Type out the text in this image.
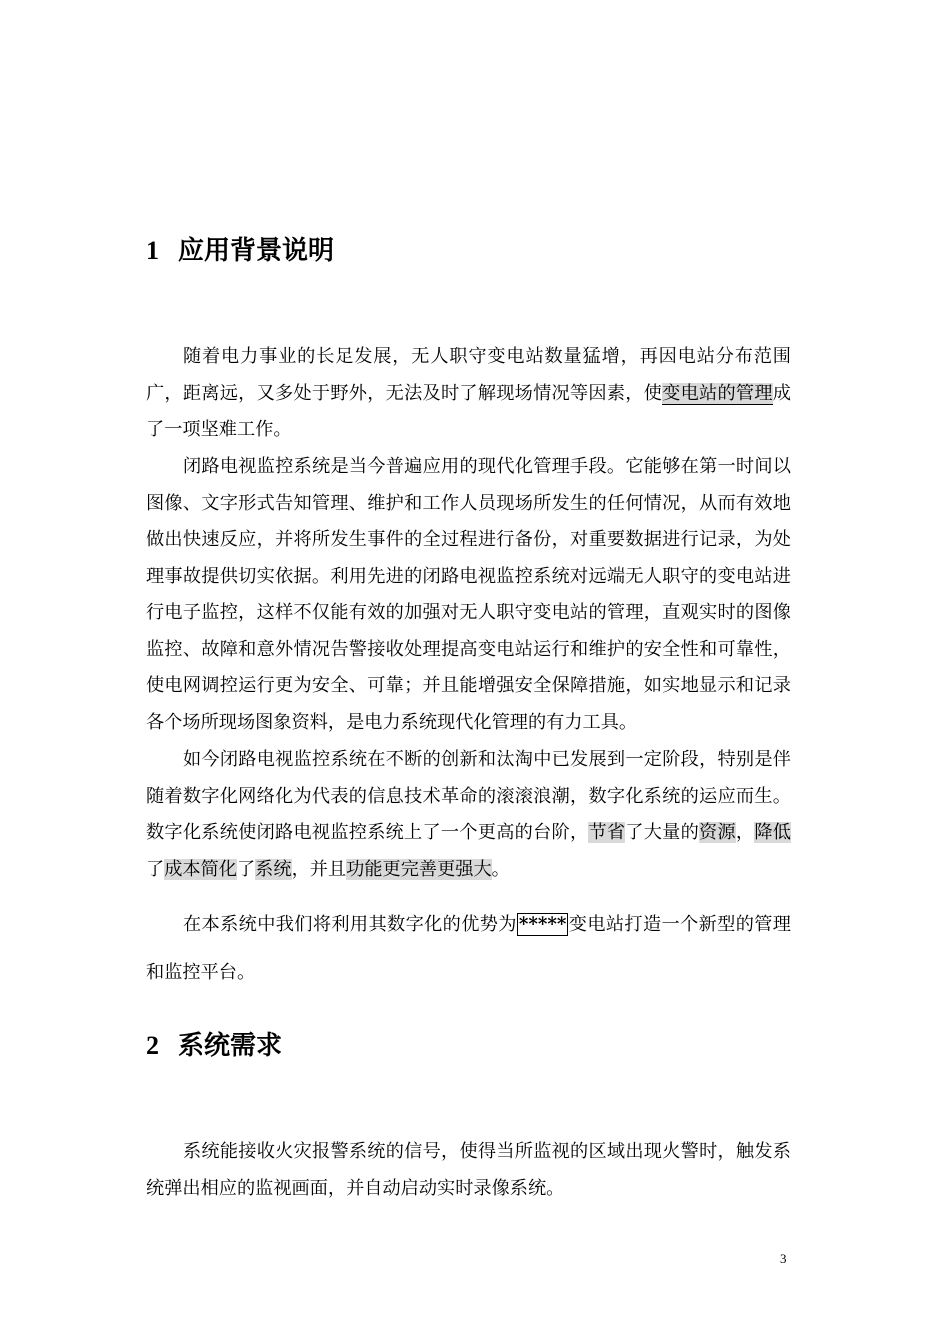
1 应用背景说明

随着电力事业的长足发展，无人职守变电站数量猛增，再因电站分布范围广，距离远，又多处于野外，无法及时了解现场情况等因素，使变电站的管理成了一项坚难工作。

闭路电视监控系统是当今普遍应用的现代化管理手段。它能够在第一时间以图像、文字形式告知管理、维护和工作人员现场所发生的任何情况，从而有效地做出快速反应，并将所发生事件的全过程进行备份，对重要数据进行记录，为处理事故提供切实依据。利用先进的闭路电视监控系统对远端无人职守的变电站进行电子监控，这样不仅能有效的加强对无人职守变电站的管理，直观实时的图像监控、故障和意外情况告警接收处理提高变电站运行和维护的安全性和可靠性，使电网调控运行更为安全、可靠；并且能增强安全保障措施，如实地显示和记录各个场所现场图象资料，是电力系统现代化管理的有力工具。

如今闭路电视监控系统在不断的创新和汰淘中已发展到一定阶段，特别是伴随着数字化网络化为代表的信息技术革命的滚滚浪潮，数字化系统的运应而生。数字化系统使闭路电视监控系统上了一个更高的台阶，节省了大量的资源，降低了成本简化了系统，并且功能更完善更强大。

在本系统中我们将利用其数字化的优势为 ***** 变电站打造一个新型的管理和监控平台。

2 系统需求

系统能接收火灾报警系统的信号，使得当所监视的区域出现火警时，触发系统弹出相应的监视画面，并自动启动实时录像系统。

3
